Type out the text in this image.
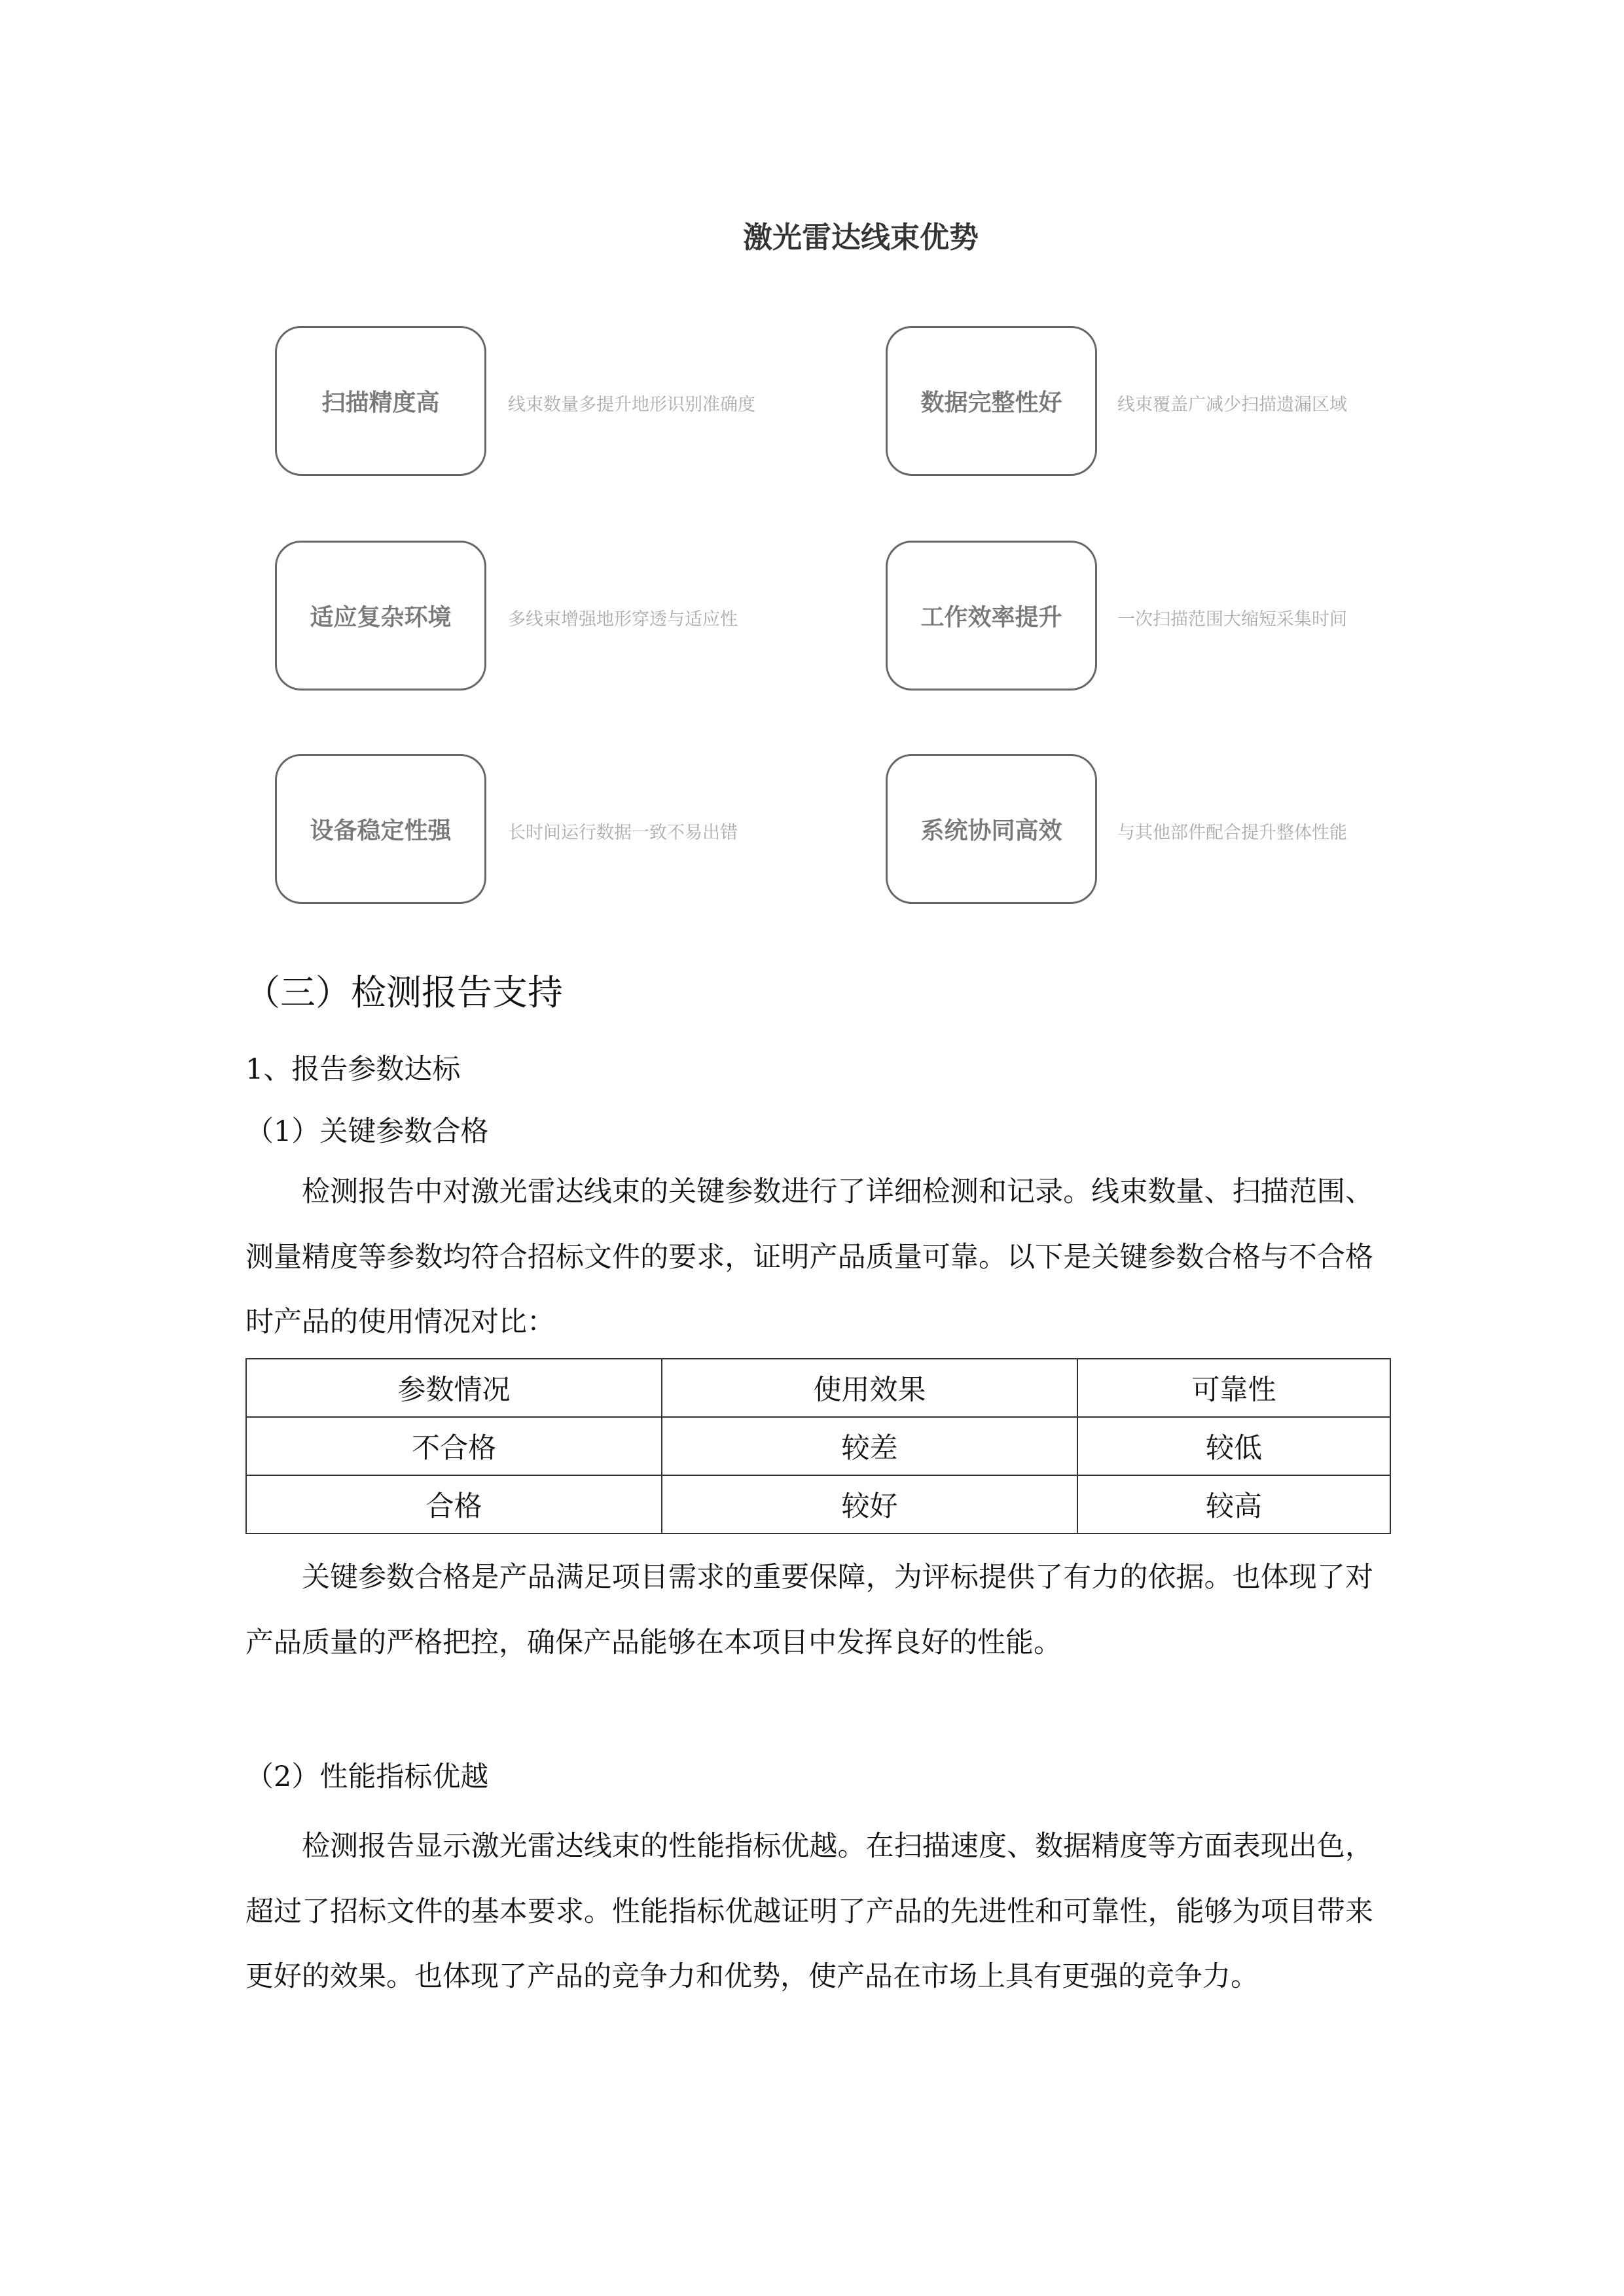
激光雷达线束优势
扫描精度高	线束数量多提升地形识别准确度	数据完整性好	线束覆盖广减少扫描遗漏区域
适应复杂环境	多线束增强地形穿透与适应性	工作效率提升	一次扫描范围大缩短采集时间
设备稳定性强	长时间运行数据一致不易出错	系统协同高效	与其他部件配合提升整体性能
（三）检测报告支持
1、报告参数达标
（1）关键参数合格
检测报告中对激光雷达线束的关键参数进行了详细检测和记录。线束数量、扫描范围、测量精度等参数均符合招标文件的要求，证明产品质量可靠。以下是关键参数合格与不合格时产品的使用情况对比：
参数情况	使用效果	可靠性
不合格	较差	较低
合格	较好	较高
关键参数合格是产品满足项目需求的重要保障，为评标提供了有力的依据。也体现了对产品质量的严格把控，确保产品能够在本项目中发挥良好的性能。
（2）性能指标优越
检测报告显示激光雷达线束的性能指标优越。在扫描速度、数据精度等方面表现出色，超过了招标文件的基本要求。性能指标优越证明了产品的先进性和可靠性，能够为项目带来更好的效果。也体现了产品的竞争力和优势，使产品在市场上具有更强的竞争力。
